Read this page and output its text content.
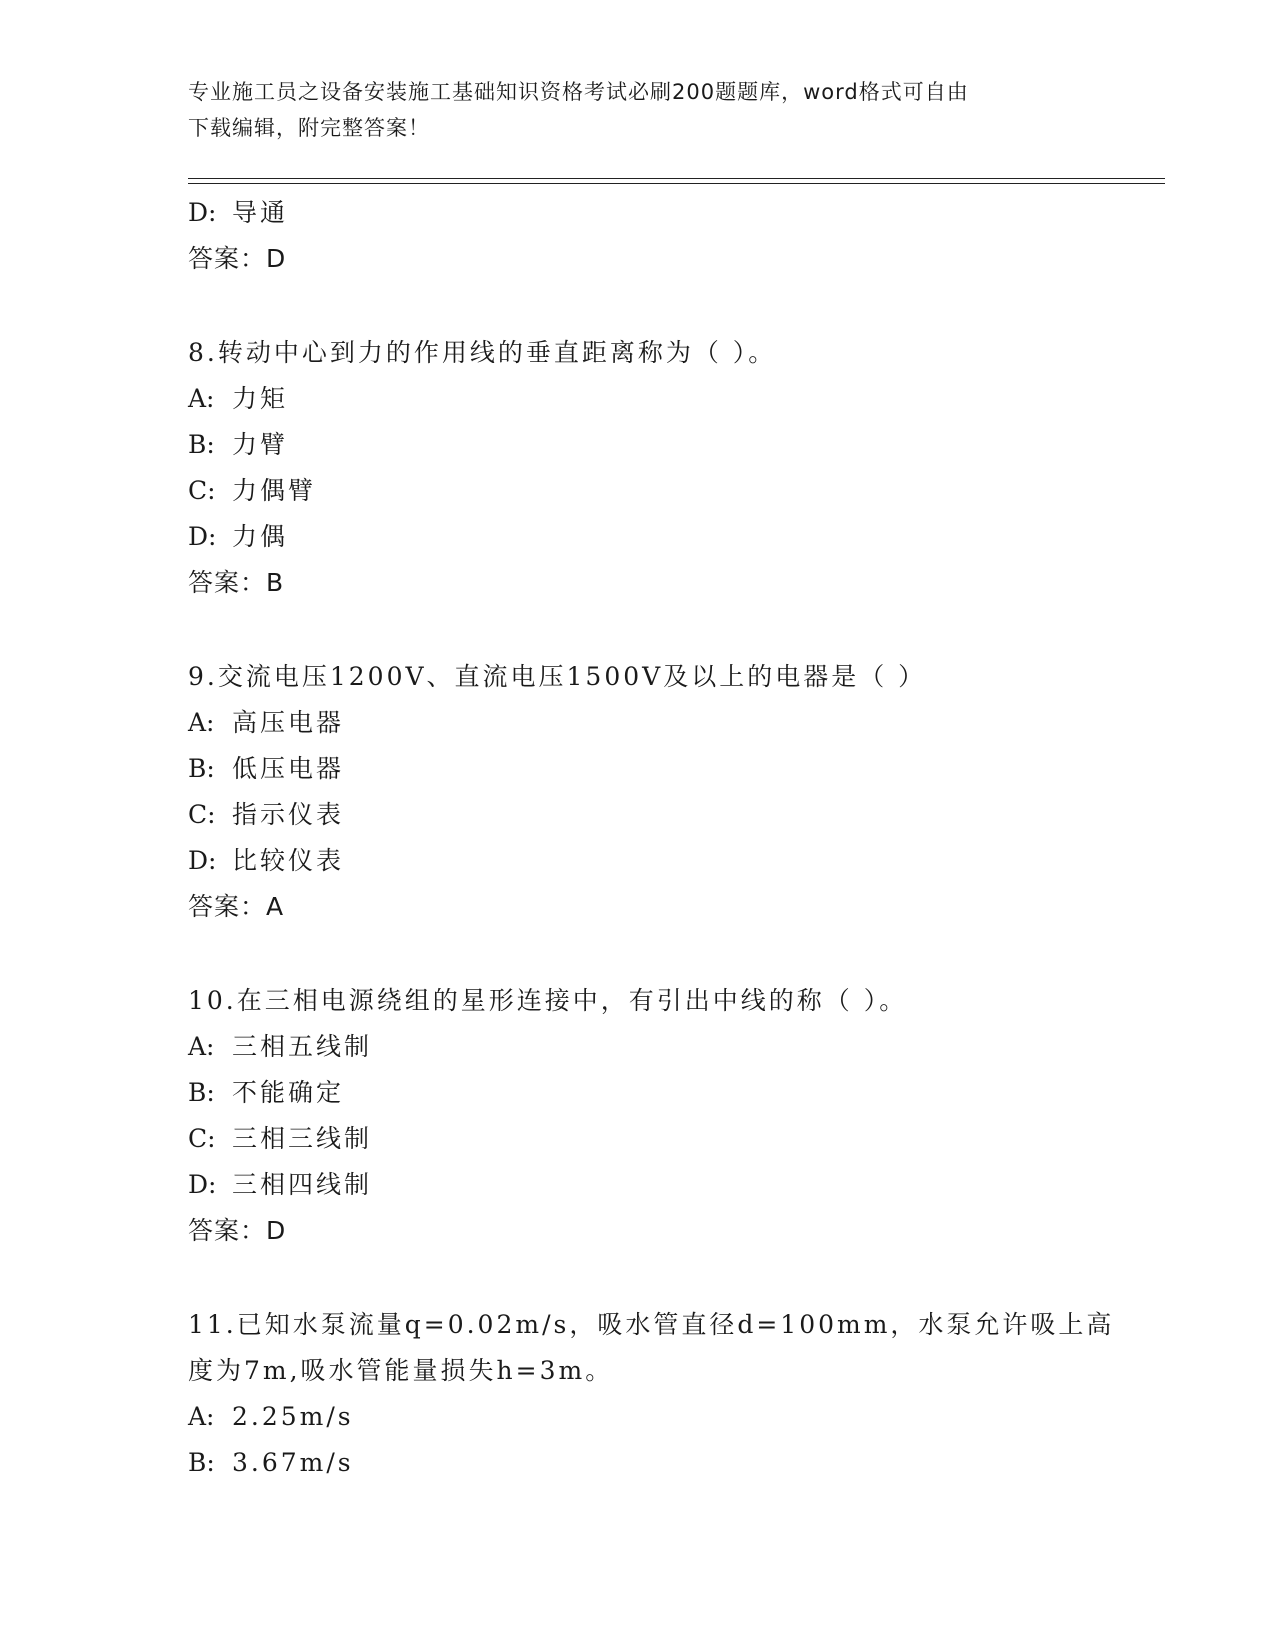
专业施工员之设备安装施工基础知识资格考试必刷200题题库，word格式可自由
下载编辑，附完整答案！
D: 导通
答案：D
8.转动中心到力的作用线的垂直距离称为（ ）。
A: 力矩
B: 力臂
C: 力偶臂
D: 力偶
答案：B
9.交流电压1200V、直流电压1500V及以上的电器是（ ）
A: 高压电器
B: 低压电器
C: 指示仪表
D: 比较仪表
答案：A
10.在三相电源绕组的星形连接中，有引出中线的称（ ）。
A: 三相五线制
B: 不能确定
C: 三相三线制
D: 三相四线制
答案：D
11.已知水泵流量q=0.02m/s，吸水管直径d=100mm，水泵允许吸上高
度为7m,吸水管能量损失h=3m。
A: 2.25m/s
B: 3.67m/s
